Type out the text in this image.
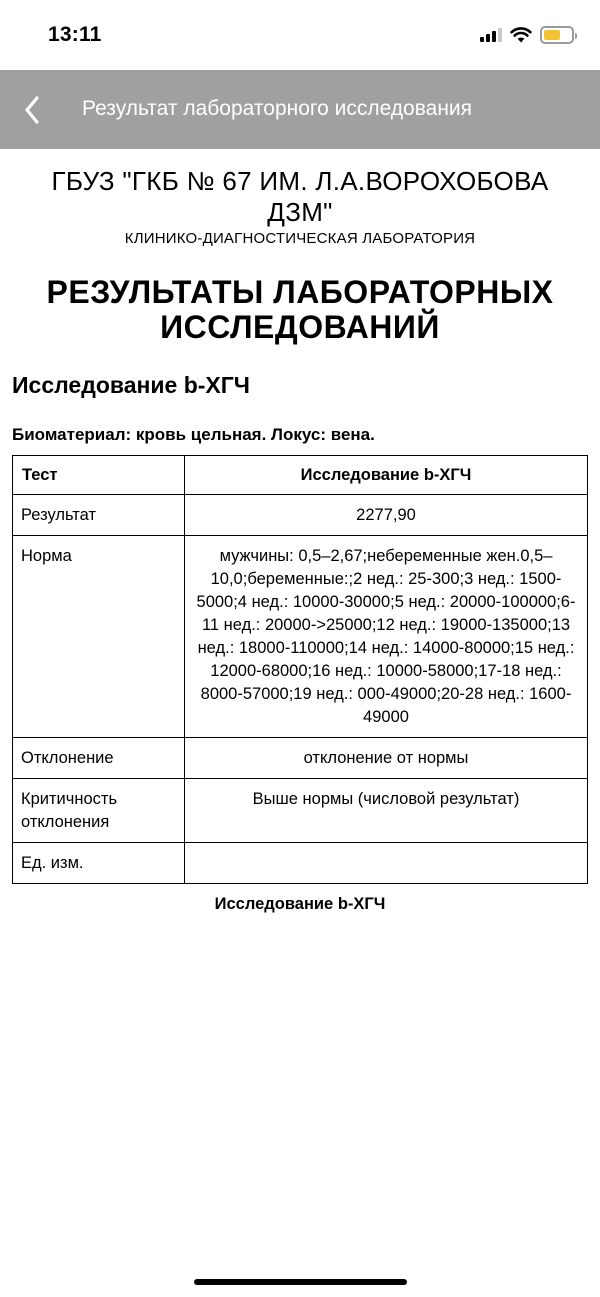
13:11
Результат лабораторного исследования
ГБУЗ "ГКБ № 67 ИМ. Л.А.ВОРОХОБОВА ДЗМ"
КЛИНИКО-ДИАГНОСТИЧЕСКАЯ ЛАБОРАТОРИЯ
РЕЗУЛЬТАТЫ ЛАБОРАТОРНЫХ ИССЛЕДОВАНИЙ
Исследование b-ХГЧ
Биоматериал: кровь цельная. Локус: вена.
Тест	Исследование b-ХГЧ
Результат	2277,90
Норма	мужчины: 0,5–2,67;небеременные жен.0,5–10,0;беременные:;2 нед.: 25-300;3 нед.: 1500-5000;4 нед.: 10000-30000;5 нед.: 20000-100000;6-11 нед.: 20000->25000;12 нед.: 19000-135000;13 нед.: 18000-110000;14 нед.: 14000-80000;15 нед.: 12000-68000;16 нед.: 10000-58000;17-18 нед.: 8000-57000;19 нед.: 000-49000;20-28 нед.: 1600-49000
Отклонение	отклонение от нормы
Критичность отклонения	Выше нормы (числовой результат)
Ед. изм.	
Исследование b-ХГЧ
